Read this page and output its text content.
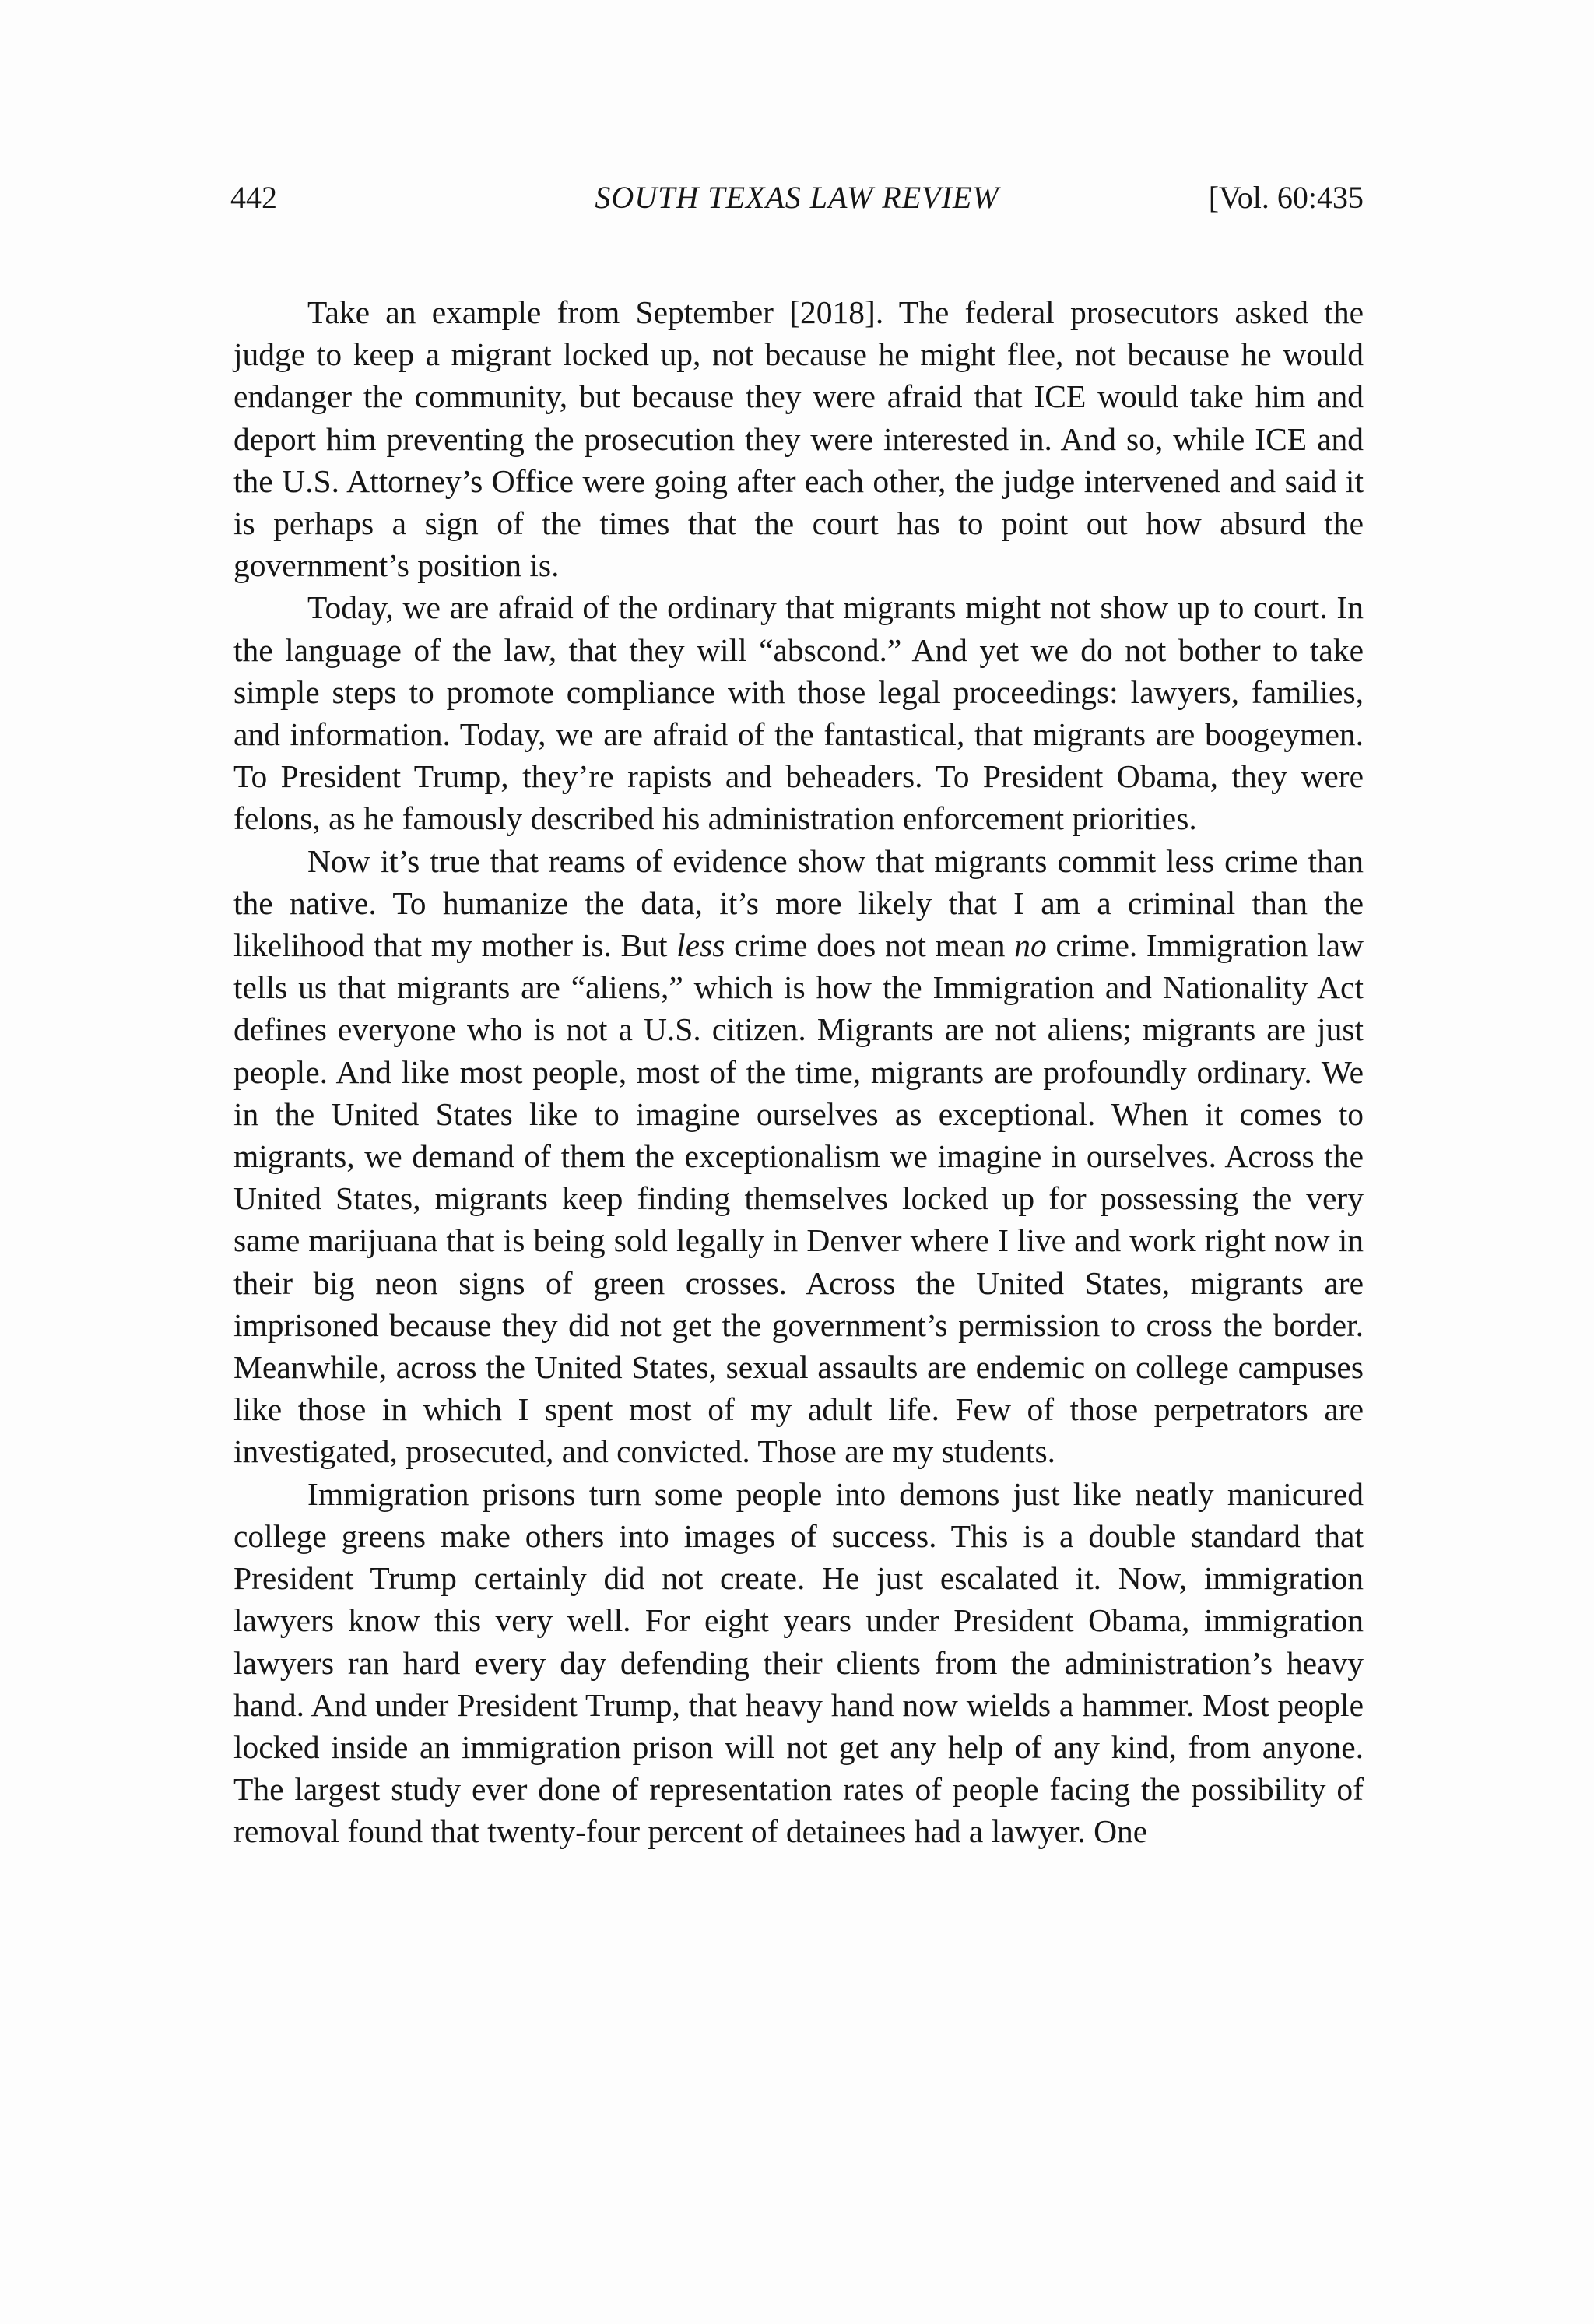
442	SOUTH TEXAS LAW REVIEW	[Vol. 60:435

Take an example from September [2018]. The federal prosecutors asked the judge to keep a migrant locked up, not because he might flee, not because he would endanger the community, but because they were afraid that ICE would take him and deport him preventing the prosecution they were interested in. And so, while ICE and the U.S. Attorney’s Office were going after each other, the judge intervened and said it is perhaps a sign of the times that the court has to point out how absurd the government’s position is.

Today, we are afraid of the ordinary that migrants might not show up to court. In the language of the law, that they will “abscond.” And yet we do not bother to take simple steps to promote compliance with those legal proceedings: lawyers, families, and information. Today, we are afraid of the fantastical, that migrants are boogeymen. To President Trump, they’re rapists and beheaders. To President Obama, they were felons, as he famously described his administration enforcement priorities.

Now it’s true that reams of evidence show that migrants commit less crime than the native. To humanize the data, it’s more likely that I am a criminal than the likelihood that my mother is. But less crime does not mean no crime. Immigration law tells us that migrants are “aliens,” which is how the Immigration and Nationality Act defines everyone who is not a U.S. citizen. Migrants are not aliens; migrants are just people. And like most people, most of the time, migrants are profoundly ordinary. We in the United States like to imagine ourselves as exceptional. When it comes to migrants, we demand of them the exceptionalism we imagine in ourselves. Across the United States, migrants keep finding themselves locked up for possessing the very same marijuana that is being sold legally in Denver where I live and work right now in their big neon signs of green crosses. Across the United States, migrants are imprisoned because they did not get the government’s permission to cross the border. Meanwhile, across the United States, sexual assaults are endemic on college campuses like those in which I spent most of my adult life. Few of those perpetrators are investigated, prosecuted, and convicted. Those are my students.

Immigration prisons turn some people into demons just like neatly manicured college greens make others into images of success. This is a double standard that President Trump certainly did not create. He just escalated it. Now, immigration lawyers know this very well. For eight years under President Obama, immigration lawyers ran hard every day defending their clients from the administration’s heavy hand. And under President Trump, that heavy hand now wields a hammer. Most people locked inside an immigration prison will not get any help of any kind, from anyone. The largest study ever done of representation rates of people facing the possibility of removal found that twenty-four percent of detainees had a lawyer. One
